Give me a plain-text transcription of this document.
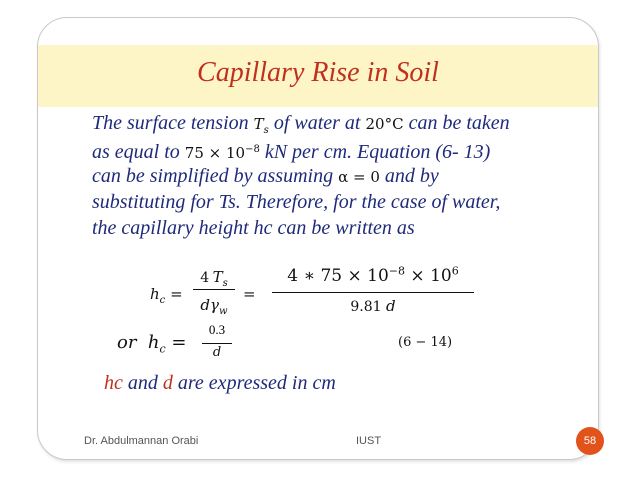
Capillary Rise in Soil
The surface tension $T_s$ of water at 20°C can be taken
as equal to $75 \times 10^{-8}$ kN per cm. Equation (6- 13)
can be simplified by assuming α = 0 and by
substituting for Ts. Therefore, for the case of water,
the capillary height hc can be written as
$h_c$ =
4 $T_s$
$d\gamma_w$
=
4 ∗ $75 \times 10^{-8} \times 10^6$
9.81 d
or $h_c$ =
0.3
d
(6 − 14)
hc and d are expressed in cm
Dr. Abdulmannan Orabi	IUST	58
